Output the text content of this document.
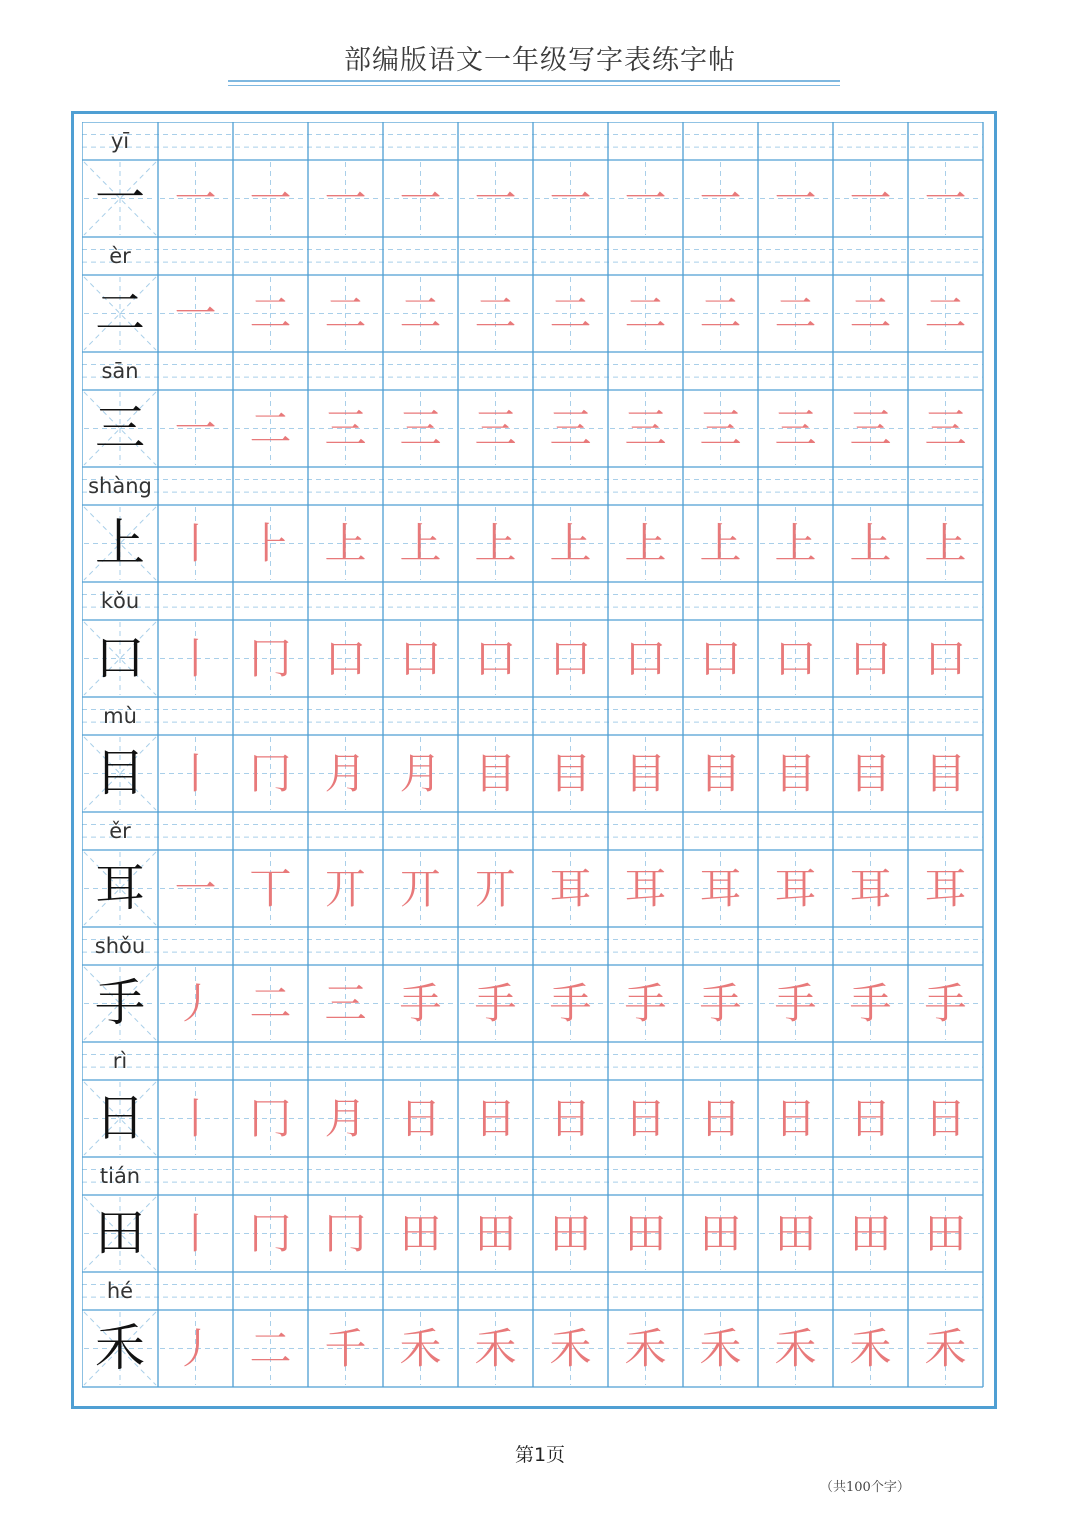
部编版语文一年级写字表练字帖
yī
一 一 一 一 一 一 一 一 一 一 一 一
èr
二 一 二 二 二 二 二 二 二 二 二 二
sān
三 一 二 三 三 三 三 三 三 三 三 三
shàng
上 丨 ⺊ 上 上 上 上 上 上 上 上 上
kǒu
口 丨 冂 口 口 口 口 口 口 口 口 口
mù
目 丨 冂 月 月 目 目 目 目 目 目 目
ěr
耳 一 丅 丌 丌 丌 耳 耳 耳 耳 耳 耳
shǒu
手 丿 二 三 手 手 手 手 手 手 手 手
rì
日 丨 冂 月 日 日 日 日 日 日 日 日
tián
田 丨 冂 冂 田 田 田 田 田 田 田 田
hé
禾 丿 二 千 禾 禾 禾 禾 禾 禾 禾 禾
第1页
（共100个字）
